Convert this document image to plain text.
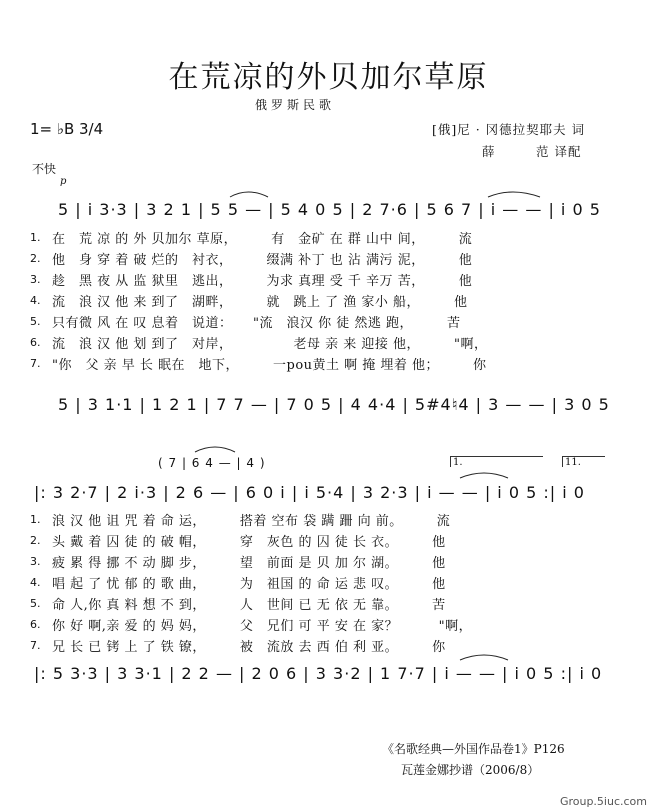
在荒凉的外贝加尔草原
俄罗斯民歌
1= ♭B 3/4	[俄]尼 · 冈德拉契耶夫 词
薛　　　范 译配
不快
p
5 | i 3·3 | 3 2 1 | 5 5 — | 5 4 0 5 | 2 7·6 | 5 6 7 | i — — | i 0 5
1. 在　荒 凉 的 外 贝加尔 草原，　　　有　金矿 在 群 山中 间，　　　流
2. 他　身 穿 着 破 烂的　衬衣，　　　缀满 补丁 也 沾 满污 泥，　　　他
3. 趁　黑 夜 从 监 狱里　逃出，　　　为求 真理 受 千 辛万 苦，　　　他
4. 流　浪 汉 他 来 到了　湖畔，　　　就　跳上 了 渔 家小 船，　　　他
5. 只有微 风 在 叹 息着　说道：　　"流　浪汉 你 徒 然逃 跑，　　　苦
6. 流　浪 汉 他 划 到了　对岸，　　　　　老母 亲 来 迎接 他，　　　"啊，
7. "你　父 亲 早 长 眠在　地下，　　　一pou黄土 啊 掩 埋着 他；　　　你
5 | 3 1·1 | 1 2 1 | 7 7 — | 7 0 5 | 4 4·4 | 5#4♮4 | 3 — — | 3 0 5
( 7 | 6 4 — | 4 )	1.	11.
|: 3 2·7 | 2 i·3 | 2 6 — | 6 0 i | i 5·4 | 3 2·3 | i — — | i 0 5 :| i 0
1. 浪 汉 他 诅 咒 着 命 运，　　　搭着 空布 袋 蹒 跚 向 前。　　　流
2. 头 戴 着 囚 徒 的 破 帽，　　　穿　灰色 的 囚 徒 长 衣。　　　他
3. 疲 累 得 挪 不 动 脚 步，　　　望　前面 是 贝 加 尔 湖。　　　他
4. 唱 起 了 忧 郁 的 歌 曲，　　　为　祖国 的 命 运 悲 叹。　　　他
5. 命 人,你 真 料 想 不 到，　　　人　世间 已 无 依 无 靠。　　　苦
6. 你 好 啊,亲 爱 的 妈 妈，　　　父　兄们 可 平 安 在 家？　　　"啊，
7. 兄 长 已 铐 上 了 铁 镣，　　　被　流放 去 西 伯 利 亚。　　　你
|: 5 3·3 | 3 3·1 | 2 2 — | 2 0 6 | 3 3·2 | 1 7·7 | i — — | i 0 5 :| i 0
《名歌经典—外国作品卷1》P126
瓦莲金娜抄谱（2006/8）
Group.5iuc.com
